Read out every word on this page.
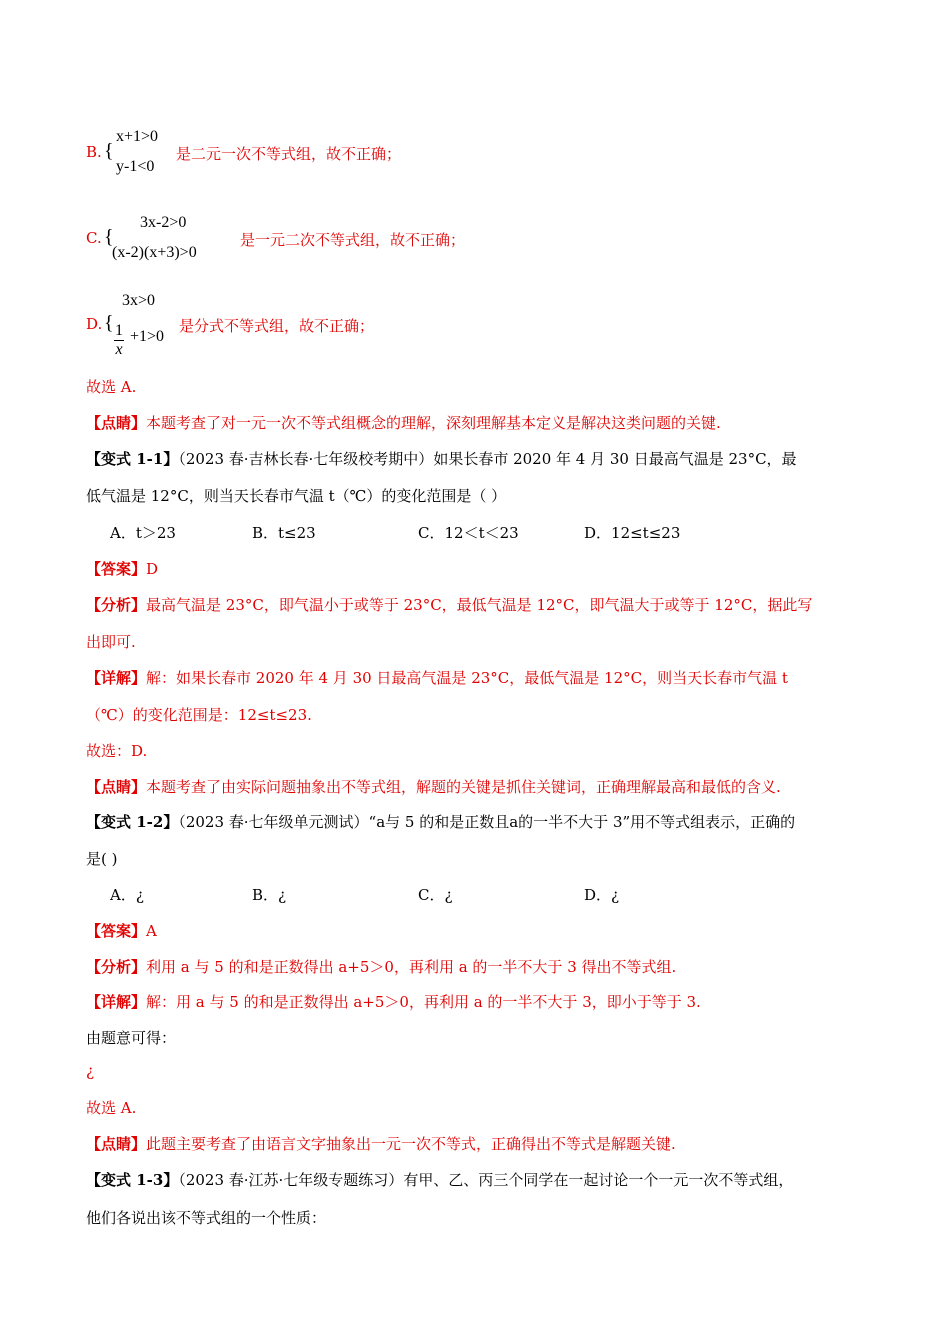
B. {
x+1>0
y-1<0
是二元一次不等式组，故不正确；
C. {
3x-2>0
(x-2)(x+3)>0
是一元二次不等式组，故不正确；
D. {
3x>0
$\frac{1}{x} +1>0$
是分式不等式组，故不正确；
故选 A.
【点睛】本题考查了对一元一次不等式组概念的理解，深刻理解基本定义是解决这类问题的关键.
【变式 1-1】（2023 春·吉林长春·七年级校考期中）如果长春市 2020 年 4 月 30 日最高气温是 23°C，最
低气温是 12°C，则当天长春市气温 t（℃）的变化范围是（ ）
A．t＞23	B．t≤23	C．12＜t＜23	D．12≤t≤23
【答案】D
【分析】最高气温是 23°C，即气温小于或等于 23°C，最低气温是 12°C，即气温大于或等于 12°C，据此写
出即可.
【详解】解：如果长春市 2020 年 4 月 30 日最高气温是 23°C，最低气温是 12°C，则当天长春市气温 t
（℃）的变化范围是：12≤t≤23.
故选：D.
【点睛】本题考查了由实际问题抽象出不等式组，解题的关键是抓住关键词，正确理解最高和最低的含义.
【变式 1-2】（2023 春·七年级单元测试）“a与 5 的和是正数且a的一半不大于 3”用不等式组表示，正确的
是( )
A．¿	B．¿	C．¿	D．¿
【答案】A
【分析】利用 a 与 5 的和是正数得出 a+5＞0，再利用 a 的一半不大于 3 得出不等式组.
【详解】解：用 a 与 5 的和是正数得出 a+5＞0，再利用 a 的一半不大于 3，即小于等于 3.
由题意可得：
¿
故选 A.
【点睛】此题主要考查了由语言文字抽象出一元一次不等式，正确得出不等式是解题关键.
【变式 1-3】（2023 春·江苏·七年级专题练习）有甲、乙、丙三个同学在一起讨论一个一元一次不等式组，
他们各说出该不等式组的一个性质：
